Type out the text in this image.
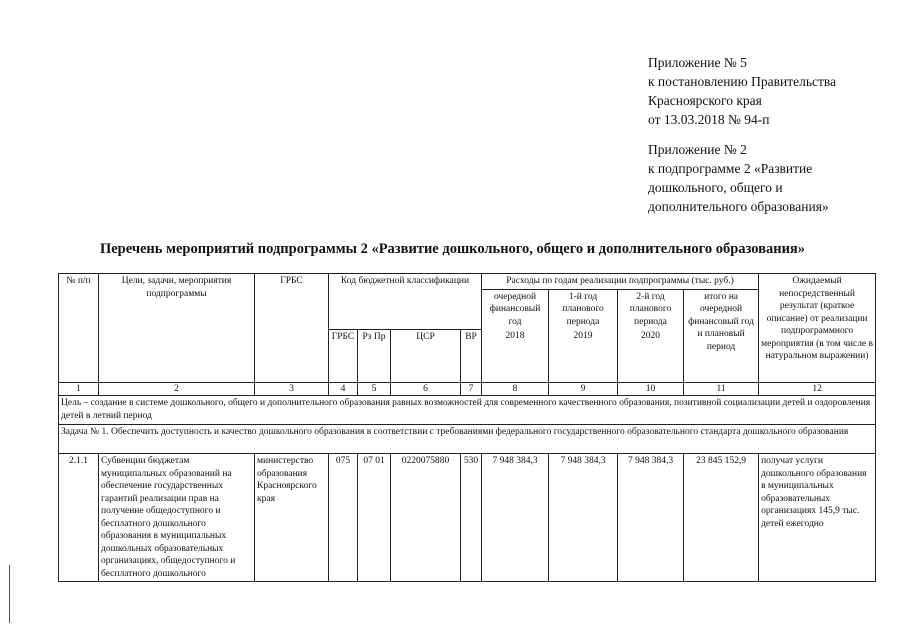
Приложение № 5
к постановлению Правительства
Красноярского края
от 13.03.2018 № 94-п
Приложение № 2
к подпрограмме 2 «Развитие
дошкольного, общего и
дополнительного образования»
Перечень мероприятий подпрограммы 2 «Развитие дошкольного, общего и дополнительного образования»
№ п/п	Цели, задачи, мероприятия подпрограммы	ГРБС	Код бюджетной классификации				Расходы по годам реализации подпрограммы (тыс. руб.)				Ожидаемый непосредственный результат (краткое описание) от реализации подпрограммного мероприятия (в том числе в натуральном выражении)
							очередной финансовый год	1-й год планового периода	2-й год планового периода	итого на очередной финансовый год и плановый период	
			ГРБС	Рз Пр	ЦСР	ВР	2018	2019	2020		
1	2	3	4	5	6	7	8	9	10	11	12
Цель – создание в системе дошкольного, общего и дополнительного образования равных возможностей для современного качественного образования, позитивной социализации детей и оздоровления детей в летний период											
Задача № 1. Обеспечить доступность и качество дошкольного образования в соответствии с требованиями федерального государственного образовательного стандарта дошкольного образования											
2.1.1	Субвенции бюджетам муниципальных образований на обеспечение государственных гарантий реализации прав на получение общедоступного и бесплатного дошкольного образования в муниципальных дошкольных образовательных организациях, общедоступного и бесплатного дошкольного	министерство образования Красноярского края	075	07 01	0220075880	530	7 948 384,3	7 948 384,3	7 948 384,3	23 845 152,9	получат услуги дошкольного образования в муниципальных образовательных организациях 145,9 тыс. детей ежегодно
